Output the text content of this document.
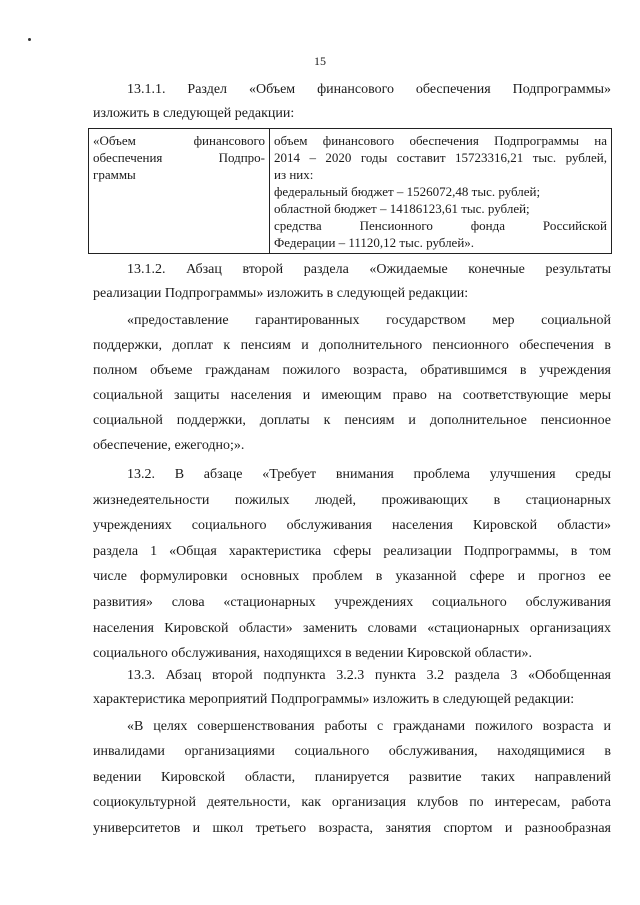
15
13.1.1. Раздел «Объем финансового обеспечения Подпрограммы»
изложить в следующей редакции:
«Объем финансового
обеспечения Подпро-
граммы

объем финансового обеспечения Подпрограммы на
2014 – 2020 годы составит 15723316,21 тыс. рублей,
из них:
федеральный бюджет – 1526072,48 тыс. рублей;
областной бюджет – 14186123,61 тыс. рублей;
средства Пенсионного фонда Российской
Федерации – 11120,12 тыс. рублей».
13.1.2. Абзац второй раздела «Ожидаемые конечные результаты
реализации Подпрограммы» изложить в следующей редакции:
«предоставление гарантированных государством мер социальной
поддержки, доплат к пенсиям и дополнительного пенсионного обеспечения в
полном объеме гражданам пожилого возраста, обратившимся в учреждения
социальной защиты населения и имеющим право на соответствующие меры
социальной поддержки, доплаты к пенсиям и дополнительное пенсионное
обеспечение, ежегодно;».
13.2. В абзаце «Требует внимания проблема улучшения среды
жизнедеятельности пожилых людей, проживающих в стационарных
учреждениях социального обслуживания населения Кировской области»
раздела 1 «Общая характеристика сферы реализации Подпрограммы, в том
числе формулировки основных проблем в указанной сфере и прогноз ее
развития» слова «стационарных учреждениях социального обслуживания
населения Кировской области» заменить словами «стационарных организациях
социального обслуживания, находящихся в ведении Кировской области».
13.3. Абзац второй подпункта 3.2.3 пункта 3.2 раздела 3 «Обобщенная
характеристика мероприятий Подпрограммы» изложить в следующей редакции:
«В целях совершенствования работы с гражданами пожилого возраста и
инвалидами организациями социального обслуживания, находящимися в
ведении Кировской области, планируется развитие таких направлений
социокультурной деятельности, как организация клубов по интересам, работа
университетов и школ третьего возраста, занятия спортом и разнообразная
